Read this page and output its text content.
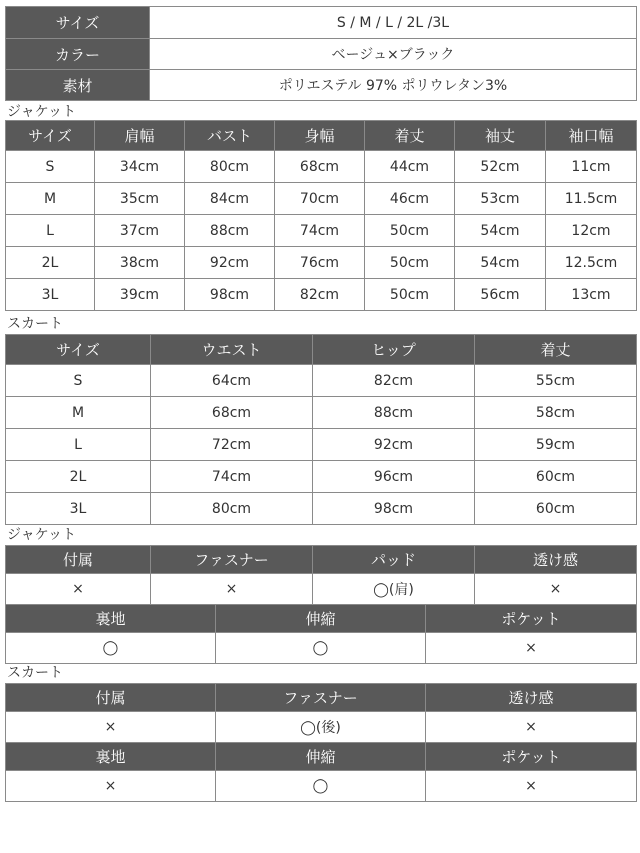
サイズ	S / M / L / 2L /3L
カラー	ベージュ×ブラック
素材	ポリエステル 97% ポリウレタン3%
ジャケット
サイズ	肩幅	バスト	身幅	着丈	袖丈	袖口幅
S	34cm	80cm	68cm	44cm	52cm	11cm
M	35cm	84cm	70cm	46cm	53cm	11.5cm
L	37cm	88cm	74cm	50cm	54cm	12cm
2L	38cm	92cm	76cm	50cm	54cm	12.5cm
3L	39cm	98cm	82cm	50cm	56cm	13cm
スカート
サイズ	ウエスト	ヒップ	着丈
S	64cm	82cm	55cm
M	68cm	88cm	58cm
L	72cm	92cm	59cm
2L	74cm	96cm	60cm
3L	80cm	98cm	60cm
ジャケット
付属	ファスナー	パッド	透け感
×	×	◯(肩)	×
裏地	伸縮	ポケット
◯	◯	×
スカート
付属	ファスナー	透け感
×	◯(後)	×
裏地	伸縮	ポケット
×	◯	×
